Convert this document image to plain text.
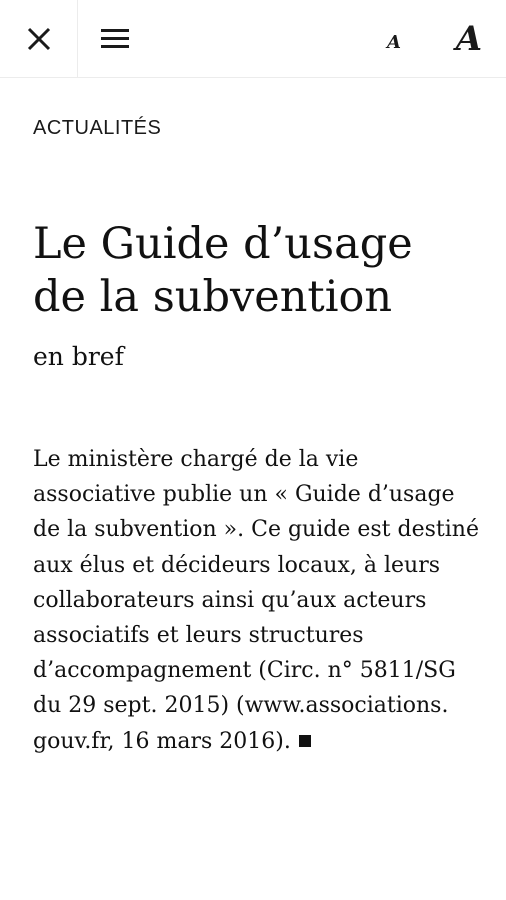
A A
ACTUALITÉS
Le Guide d’usage
de la subvention
en bref

Le ministère chargé de la vie associative publie un « Guide d’usage de la subvention ». Ce guide est destiné aux élus et décideurs locaux, à leurs collaborateurs ainsi qu’aux acteurs associatifs et leurs structures d’accompagnement (Circ. n° 5811/SG du 29 sept. 2015) (www.associations. gouv.fr, 16 mars 2016).
